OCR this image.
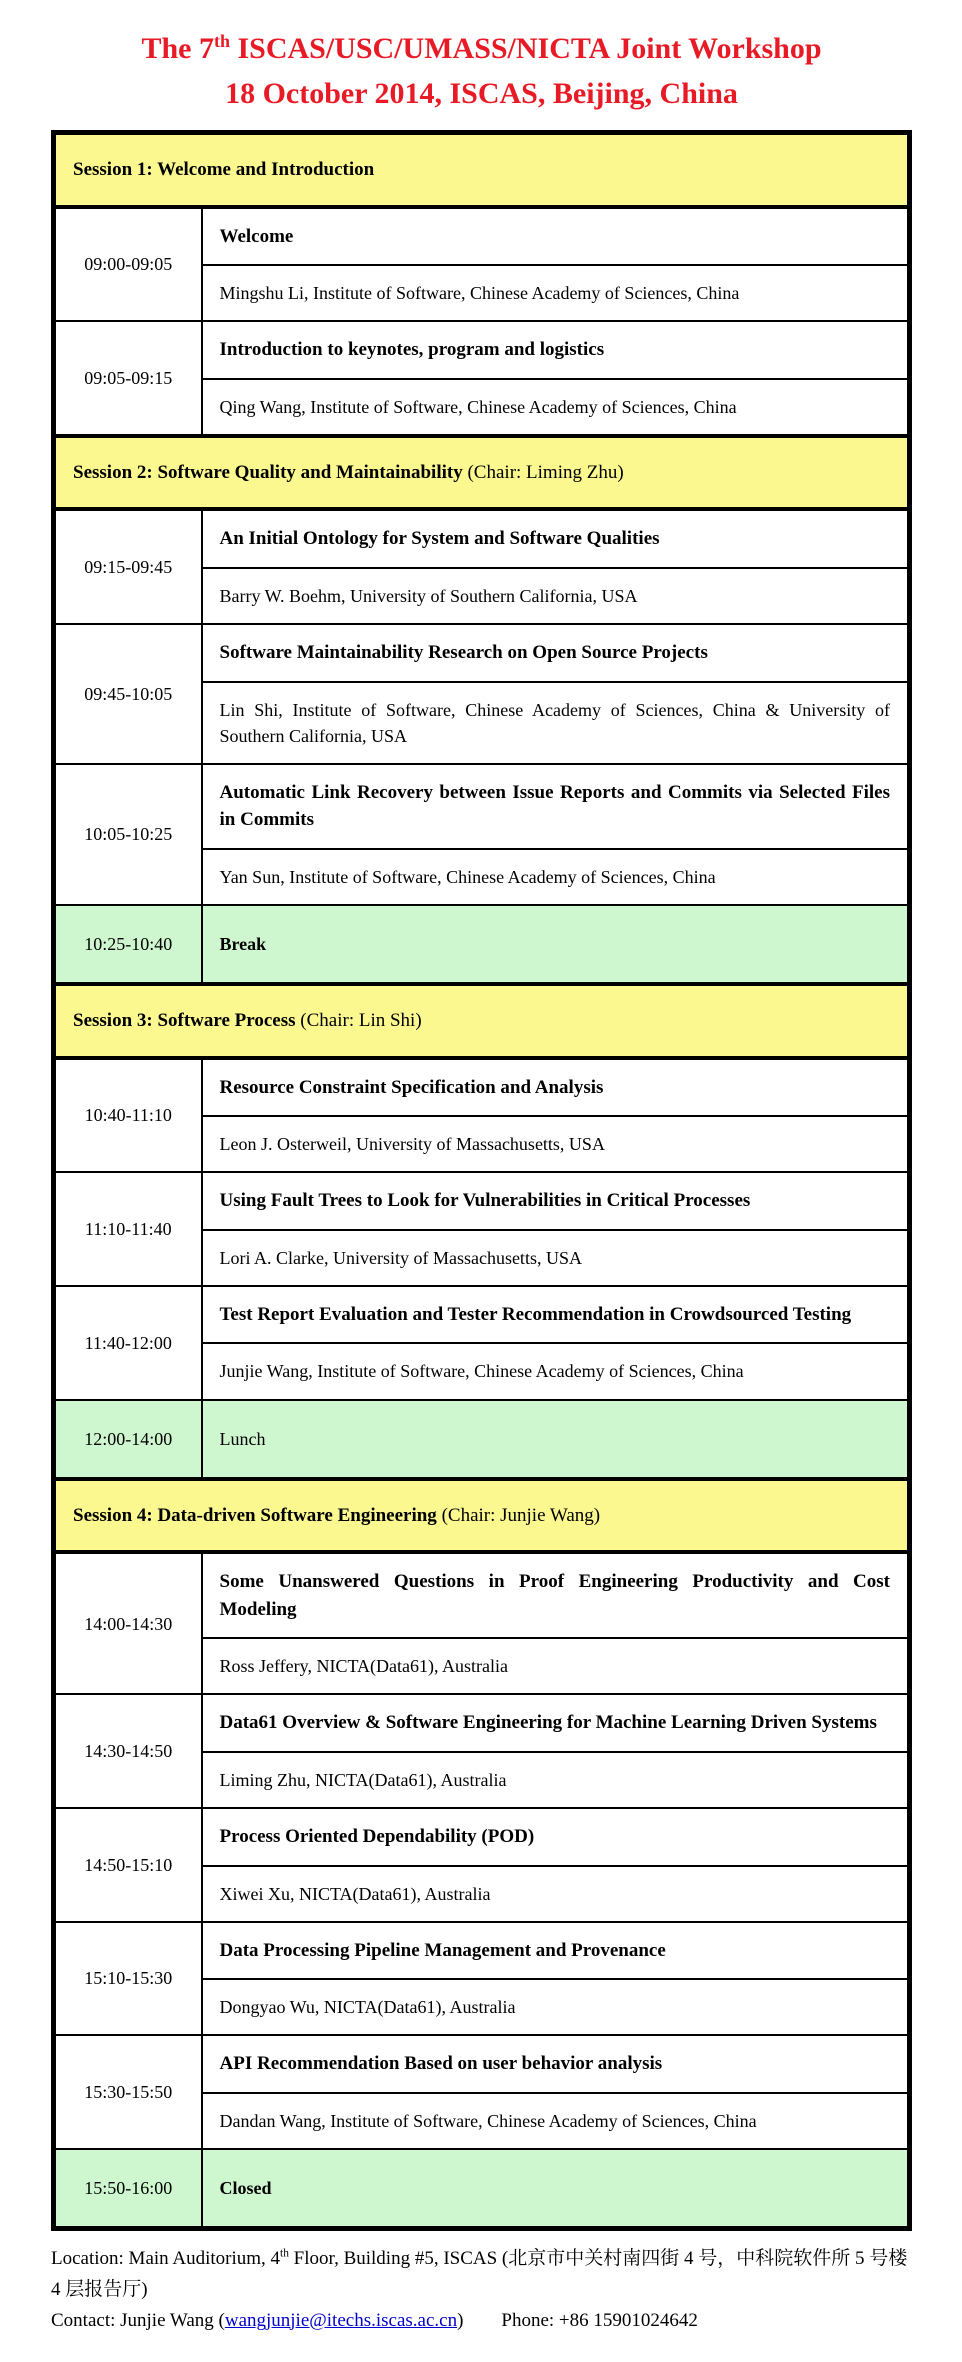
The 7th ISCAS/USC/UMASS/NICTA Joint Workshop
18 October 2014, ISCAS, Beijing, China
Session 1: Welcome and Introduction	
09:00-09:05	Welcome
	Mingshu Li, Institute of Software, Chinese Academy of Sciences, China
09:05-09:15	Introduction to keynotes, program and logistics
	Qing Wang, Institute of Software, Chinese Academy of Sciences, China
Session 2: Software Quality and Maintainability (Chair: Liming Zhu)	
09:15-09:45	An Initial Ontology for System and Software Qualities
	Barry W. Boehm, University of Southern California, USA
09:45-10:05	Software Maintainability Research on Open Source Projects
	Lin Shi, Institute of Software, Chinese Academy of Sciences, China & University of Southern California, USA
10:05-10:25	Automatic Link Recovery between Issue Reports and Commits via Selected Files in Commits
	Yan Sun, Institute of Software, Chinese Academy of Sciences, China
10:25-10:40	Break
Session 3: Software Process (Chair: Lin Shi)	
10:40-11:10	Resource Constraint Specification and Analysis
	Leon J. Osterweil, University of Massachusetts, USA
11:10-11:40	Using Fault Trees to Look for Vulnerabilities in Critical Processes
	Lori A. Clarke, University of Massachusetts, USA
11:40-12:00	Test Report Evaluation and Tester Recommendation in Crowdsourced Testing
	Junjie Wang, Institute of Software, Chinese Academy of Sciences, China
12:00-14:00	Lunch
Session 4: Data-driven Software Engineering (Chair: Junjie Wang)	
14:00-14:30	Some Unanswered Questions in Proof Engineering Productivity and Cost Modeling
	Ross Jeffery, NICTA(Data61), Australia
14:30-14:50	Data61 Overview & Software Engineering for Machine Learning Driven Systems
	Liming Zhu, NICTA(Data61), Australia
14:50-15:10	Process Oriented Dependability (POD)
	Xiwei Xu, NICTA(Data61), Australia
15:10-15:30	Data Processing Pipeline Management and Provenance
	Dongyao Wu, NICTA(Data61), Australia
15:30-15:50	API Recommendation Based on user behavior analysis
	Dandan Wang, Institute of Software, Chinese Academy of Sciences, China
15:50-16:00	Closed

Location: Main Auditorium, 4th Floor, Building #5, ISCAS (北京市中关村南四街 4 号，中科院软件所 5 号楼 4 层报告厅)

Contact: Junjie Wang (wangjunjie@itechs.iscas.ac.cn) Phone: +86 15901024642
